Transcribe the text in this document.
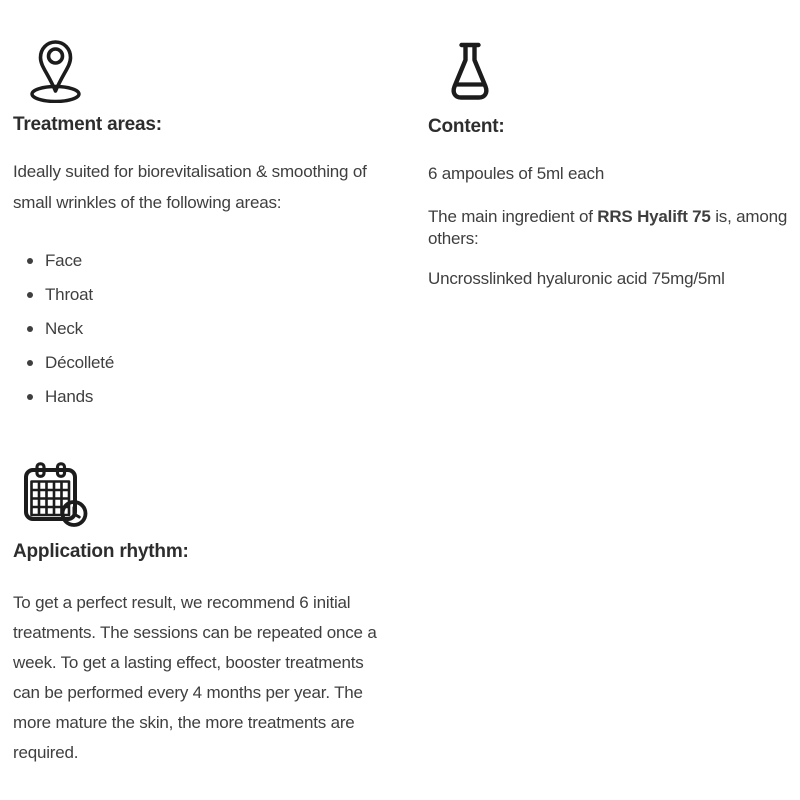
Treatment areas:
Ideally suited for biorevitalisation & smoothing of
small wrinkles of the following areas:
Face
Throat
Neck
Décolleté
Hands
Application rhythm:
To get a perfect result, we recommend 6 initial
treatments. The sessions can be repeated once a
week. To get a lasting effect, booster treatments
can be performed every 4 months per year. The
more mature the skin, the more treatments are
required.
Content:

6 ampoules of 5ml each

The main ingredient of RRS Hyalift 75 is, among
others:

Uncrosslinked hyaluronic acid 75mg/5ml
